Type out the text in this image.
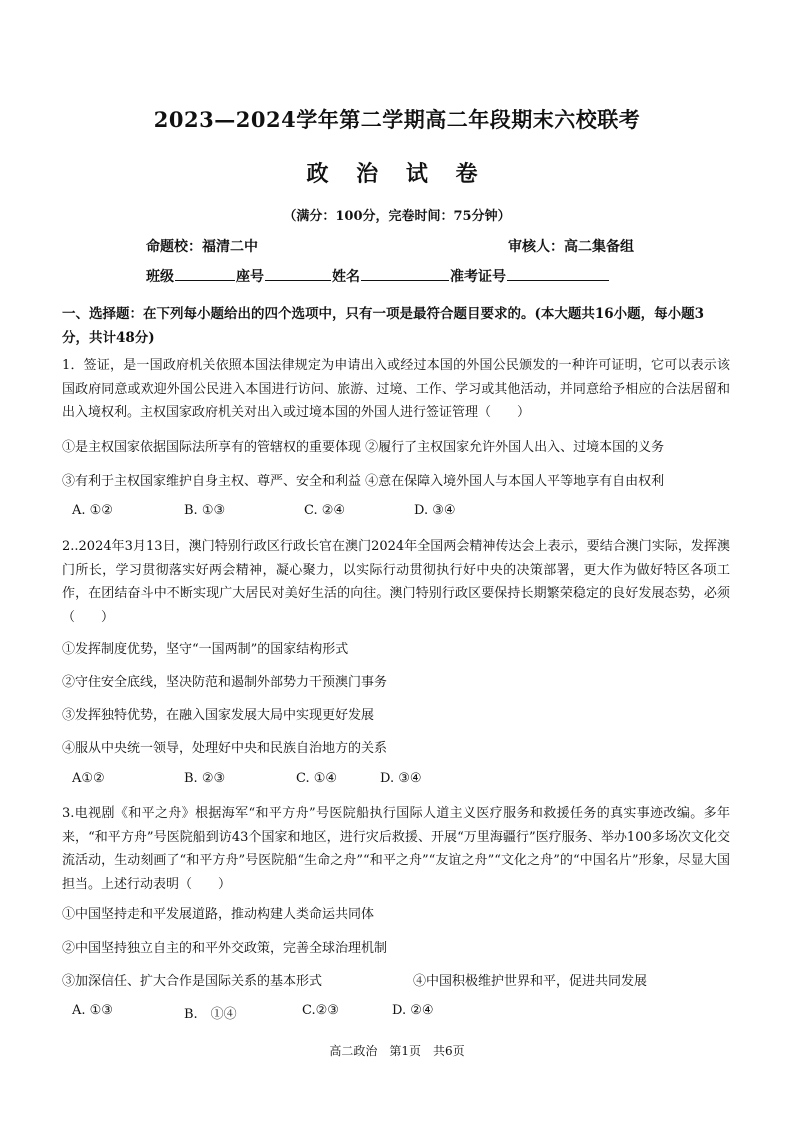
2023—2024学年第二学期高二年段期末六校联考
政 治 试 卷
（满分：100分，完卷时间：75分钟）
命题校：福清二中	审核人：高二集备组
班级	座号	姓名	准考证号
一、选择题：在下列每小题给出的四个选项中，只有一项是最符合题目要求的。(本大题共16小题，每小题3分，共计48分)
1．签证，是一国政府机关依照本国法律规定为申请出入或经过本国的外国公民颁发的一种许可证明，它可以表示该国政府同意或欢迎外国公民进入本国进行访问、旅游、过境、工作、学习或其他活动，并同意给予相应的合法居留和出入境权利。主权国家政府机关对出入或过境本国的外国人进行签证管理（　　）
①是主权国家依据国际法所享有的管辖权的重要体现 ②履行了主权国家允许外国人出入、过境本国的义务
③有利于主权国家维护自身主权、尊严、安全和利益 ④意在保障入境外国人与本国人平等地享有自由权利
A. ①②	B. ①③	C. ②④	D. ③④
2..2024年3月13日，澳门特别行政区行政长官在澳门2024年全国两会精神传达会上表示，要结合澳门实际，发挥澳门所长，学习贯彻落实好两会精神，凝心聚力，以实际行动贯彻执行好中央的决策部署，更大作为做好特区各项工作，在团结奋斗中不断实现广大居民对美好生活的向往。澳门特别行政区要保持长期繁荣稳定的良好发展态势，必须（　　）
①发挥制度优势，坚守“一国两制”的国家结构形式
②守住安全底线，坚决防范和遏制外部势力干预澳门事务
③发挥独特优势，在融入国家发展大局中实现更好发展
④服从中央统一领导，处理好中央和民族自治地方的关系
A①②	B. ②③	C. ①④	D. ③④
3.电视剧《和平之舟》根据海军“和平方舟”号医院船执行国际人道主义医疗服务和救援任务的真实事迹改编。多年来，“和平方舟”号医院船到访43个国家和地区，进行灾后救援、开展“万里海疆行”医疗服务、举办100多场次文化交流活动，生动刻画了“和平方舟”号医院船“生命之舟”“和平之舟”“友谊之舟”“文化之舟”的“中国名片”形象，尽显大国担当。上述行动表明（　　）
①中国坚持走和平发展道路，推动构建人类命运共同体
②中国坚持独立自主的和平外交政策，完善全球治理机制
③加深信任、扩大合作是国际关系的基本形式	④中国积极维护世界和平，促进共同发展
A. ①③	B.　①④	C.②③	D. ②④
高二政治　第1页　共6页
